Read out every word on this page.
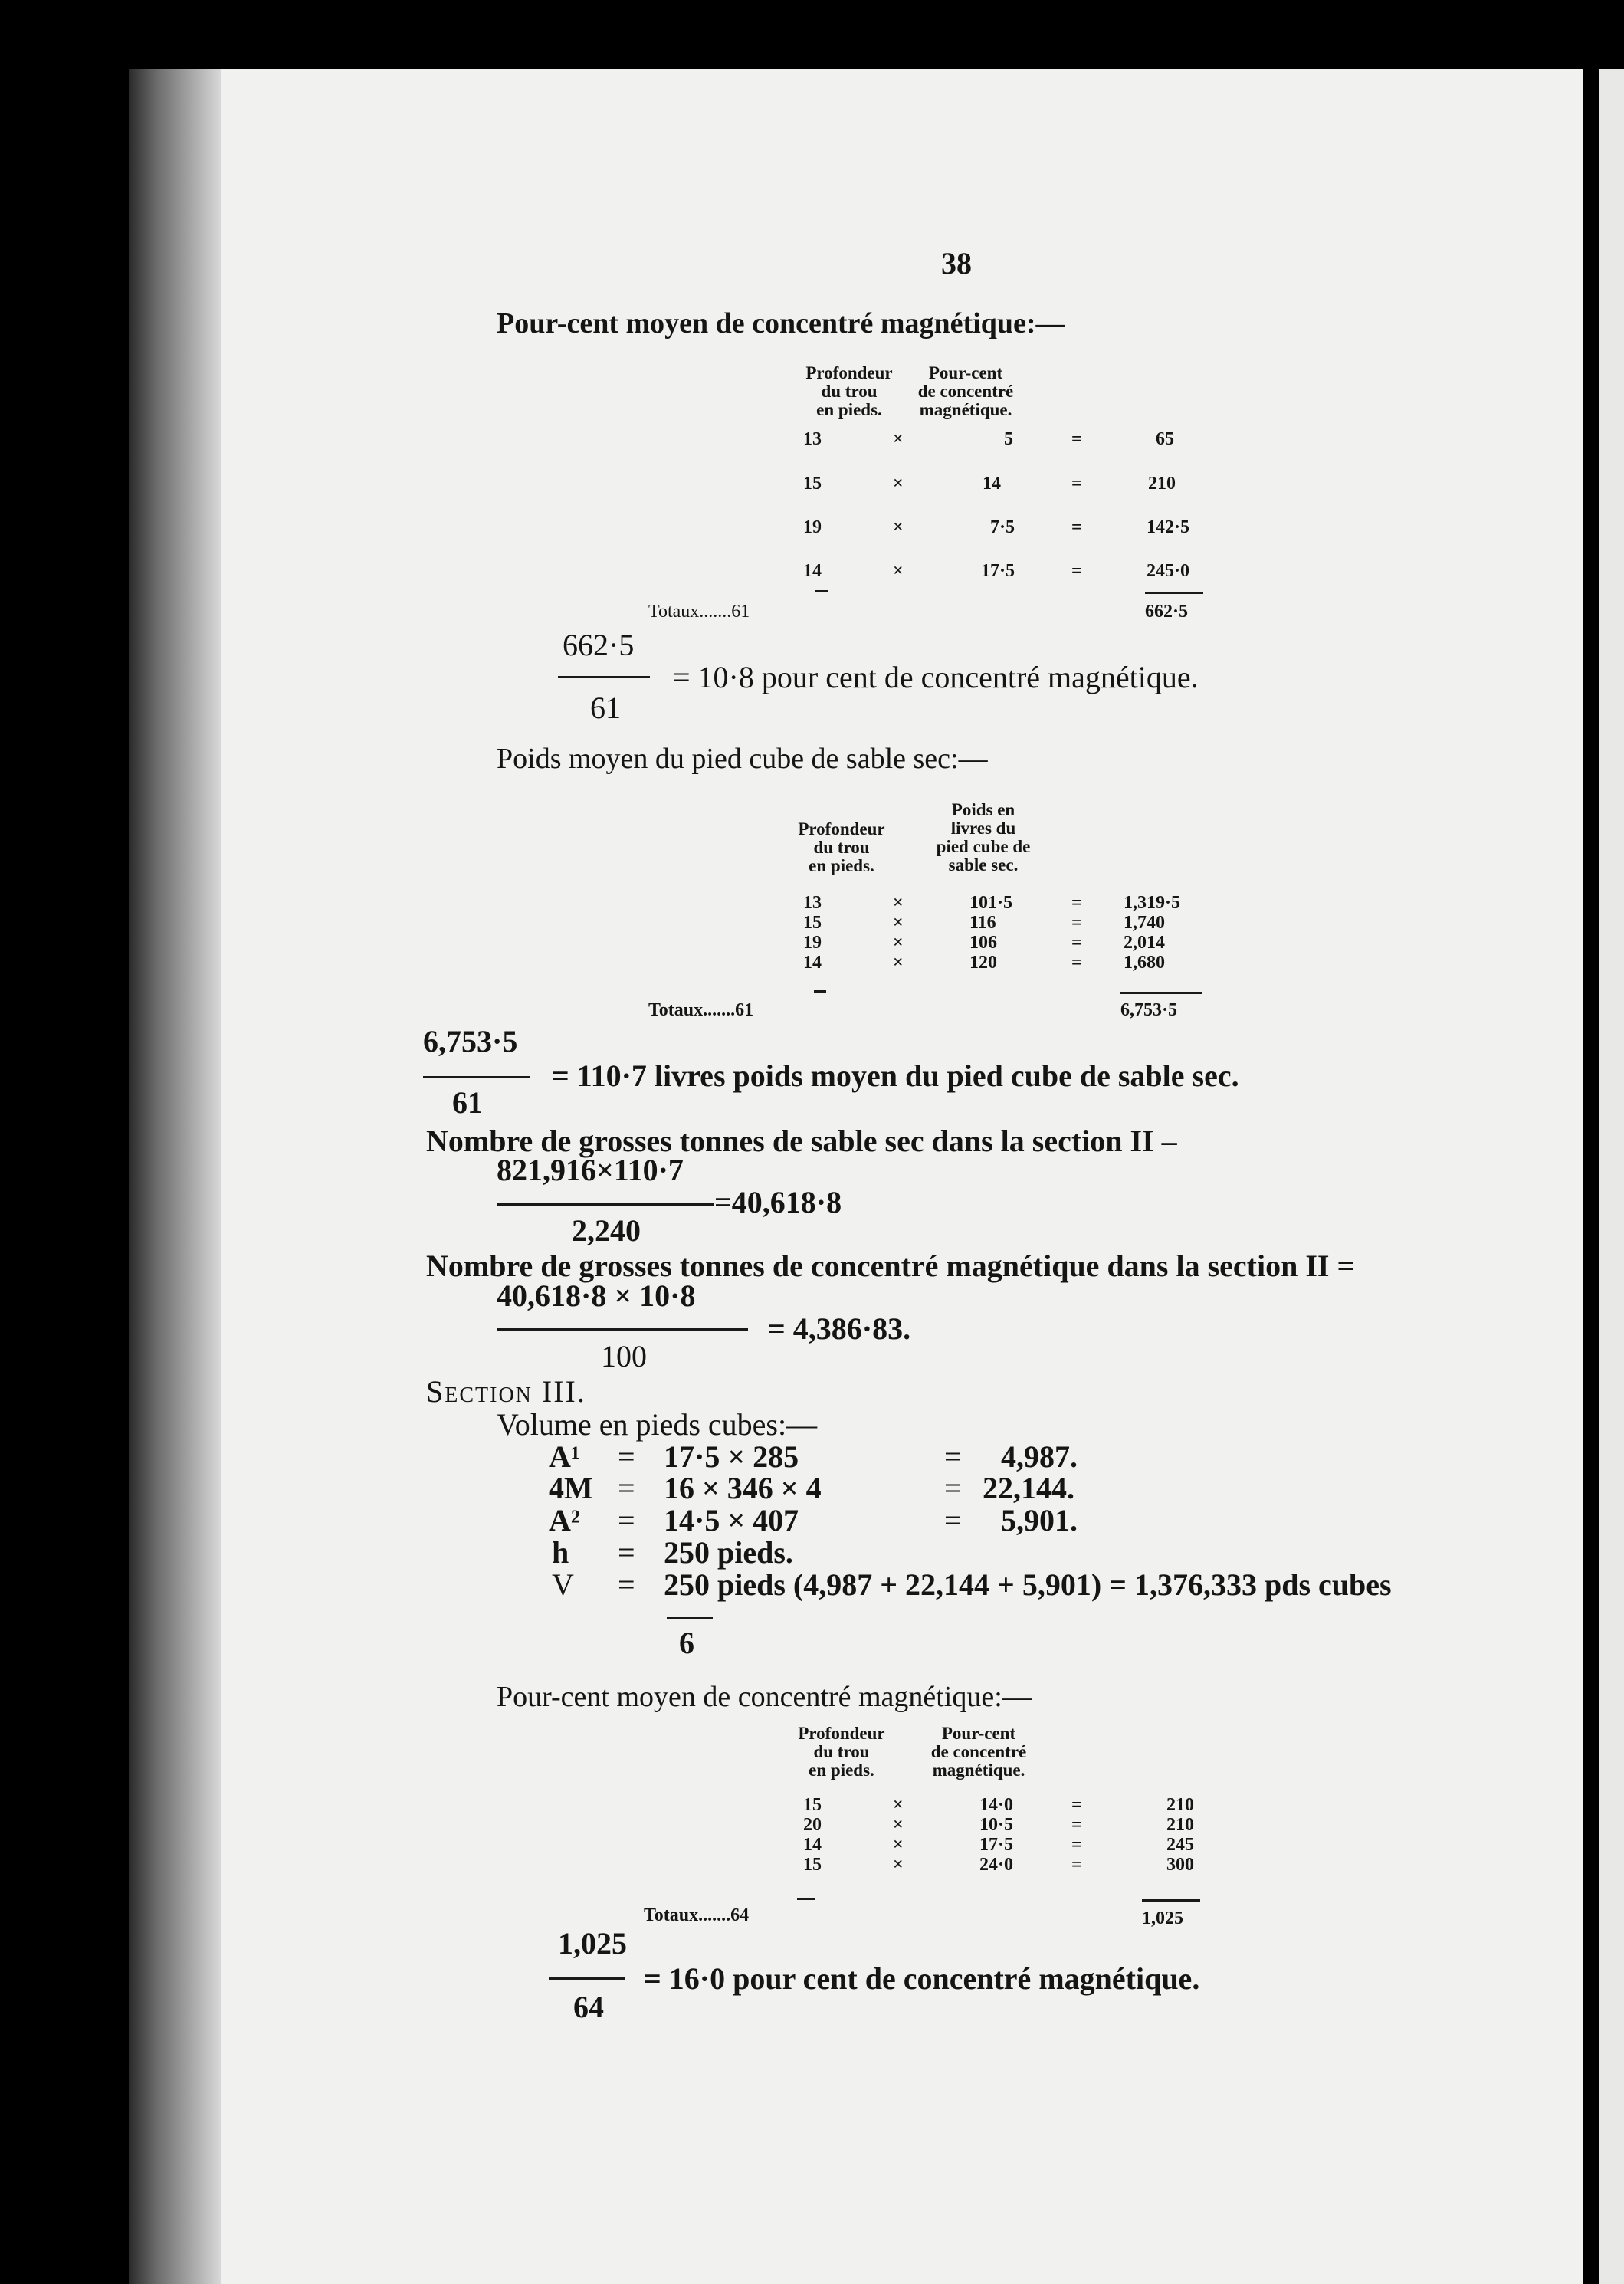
38
Pour-cent moyen de concentré magnétique:—
Profondeur
du trou
en pieds.
Pour-cent
de concentré
magnétique.
13	×	5	=	65
15	×	14	=	210
19	×	7·5	=	142·5
14	×	17·5	=	245·0
Totaux.......61	662·5
662·5
= 10·8 pour cent de concentré magnétique.
61
Poids moyen du pied cube de sable sec:—
Profondeur
du trou
en pieds.
Poids en
livres du
pied cube de
sable sec.
13	×	101·5	= 1,319·5
15	×	116	= 1,740
19	×	106	= 2,014
14	×	120	= 1,680
Totaux.......61	6,753·5
6,753·5
= 110·7 livres poids moyen du pied cube de sable sec.
61
Nombre de grosses tonnes de sable sec dans la section II –
821,916×110·7
=40,618·8
2,240
Nombre de grosses tonnes de concentré magnétique dans la section II =
40,618·8 × 10·8
= 4,386·83.
100
Section III.
Volume en pieds cubes:—
A¹ = 17·5 × 285	= 4,987.
4M = 16 × 346 × 4	= 22,144.
A² = 14·5 × 407	= 5,901.
h = 250 pieds.
V = 250 pieds (4,987 + 22,144 + 5,901) = 1,376,333 pds cubes
6
Pour-cent moyen de concentré magnétique:—
Profondeur
du trou
en pieds.
Pour-cent
de concentré
magnétique.
15	×	14·0	=	210
20	×	10·5	=	210
14	×	17·5	=	245
15	×	24·0	=	300
Totaux.......64	1,025
1,025
= 16·0 pour cent de concentré magnétique.
64
